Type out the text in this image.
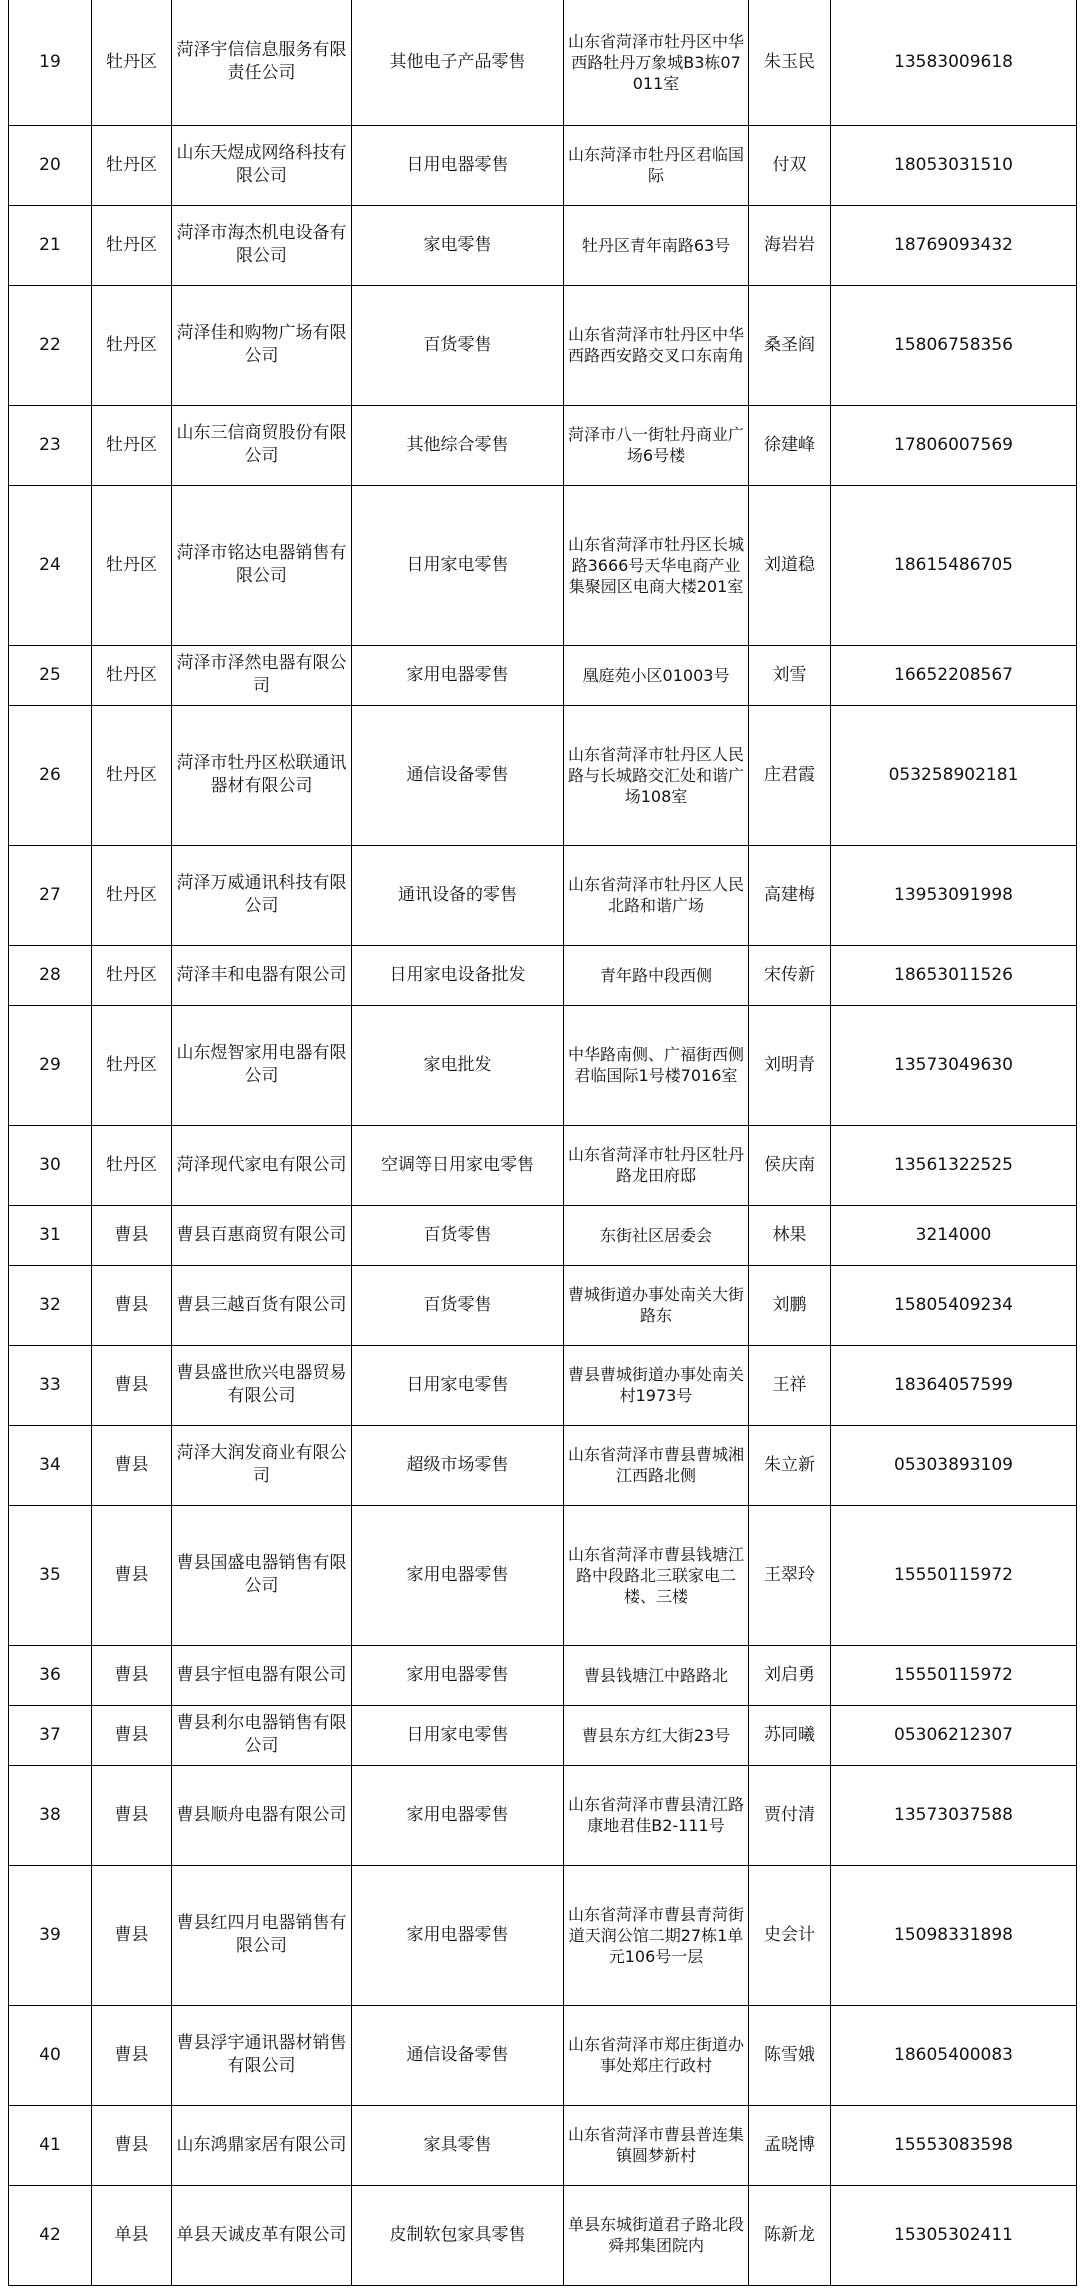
19	牡丹区	菏泽宇信信息服务有限责任公司	其他电子产品零售	山东省菏泽市牡丹区中华西路牡丹万象城B3栋07011室	朱玉民	13583009618
20	牡丹区	山东天煜成网络科技有限公司	日用电器零售	山东菏泽市牡丹区君临国际	付双	18053031510
21	牡丹区	菏泽市海杰机电设备有限公司	家电零售	牡丹区青年南路63号	海岩岩	18769093432
22	牡丹区	菏泽佳和购物广场有限公司	百货零售	山东省菏泽市牡丹区中华西路西安路交叉口东南角	桑圣阎	15806758356
23	牡丹区	山东三信商贸股份有限公司	其他综合零售	菏泽市八一街牡丹商业广场6号楼	徐建峰	17806007569
24	牡丹区	菏泽市铭达电器销售有限公司	日用家电零售	山东省菏泽市牡丹区长城路3666号天华电商产业集聚园区电商大楼201室	刘道稳	18615486705
25	牡丹区	菏泽市泽然电器有限公司	家用电器零售	凰庭苑小区01003号	刘雪	16652208567
26	牡丹区	菏泽市牡丹区松联通讯器材有限公司	通信设备零售	山东省菏泽市牡丹区人民路与长城路交汇处和谐广场108室	庄君霞	053258902181
27	牡丹区	菏泽万威通讯科技有限公司	通讯设备的零售	山东省菏泽市牡丹区人民北路和谐广场	高建梅	13953091998
28	牡丹区	菏泽丰和电器有限公司	日用家电设备批发	青年路中段西侧	宋传新	18653011526
29	牡丹区	山东煜智家用电器有限公司	家电批发	中华路南侧、广福街西侧君临国际1号楼7016室	刘明青	13573049630
30	牡丹区	菏泽现代家电有限公司	空调等日用家电零售	山东省菏泽市牡丹区牡丹路龙田府邸	侯庆南	13561322525
31	曹县	曹县百惠商贸有限公司	百货零售	东街社区居委会	林果	3214000
32	曹县	曹县三越百货有限公司	百货零售	曹城街道办事处南关大街路东	刘鹏	15805409234
33	曹县	曹县盛世欣兴电器贸易有限公司	日用家电零售	曹县曹城街道办事处南关村1973号	王祥	18364057599
34	曹县	菏泽大润发商业有限公司	超级市场零售	山东省菏泽市曹县曹城湘江西路北侧	朱立新	05303893109
35	曹县	曹县国盛电器销售有限公司	家用电器零售	山东省菏泽市曹县钱塘江路中段路北三联家电二楼、三楼	王翠玲	15550115972
36	曹县	曹县宇恒电器有限公司	家用电器零售	曹县钱塘江中路路北	刘启勇	15550115972
37	曹县	曹县利尔电器销售有限公司	日用家电零售	曹县东方红大街23号	苏同曦	05306212307
38	曹县	曹县顺舟电器有限公司	家用电器零售	山东省菏泽市曹县清江路康地君佳B2-111号	贾付清	13573037588
39	曹县	曹县红四月电器销售有限公司	家用电器零售	山东省菏泽市曹县青菏街道天润公馆二期27栋1单元106号一层	史会计	15098331898
40	曹县	曹县浮宇通讯器材销售有限公司	通信设备零售	山东省菏泽市郑庄街道办事处郑庄行政村	陈雪娥	18605400083
41	曹县	山东鸿鼎家居有限公司	家具零售	山东省菏泽市曹县普连集镇圆梦新村	孟晓博	15553083598
42	单县	单县天诚皮革有限公司	皮制软包家具零售	单县东城街道君子路北段舜邦集团院内	陈新龙	15305302411
